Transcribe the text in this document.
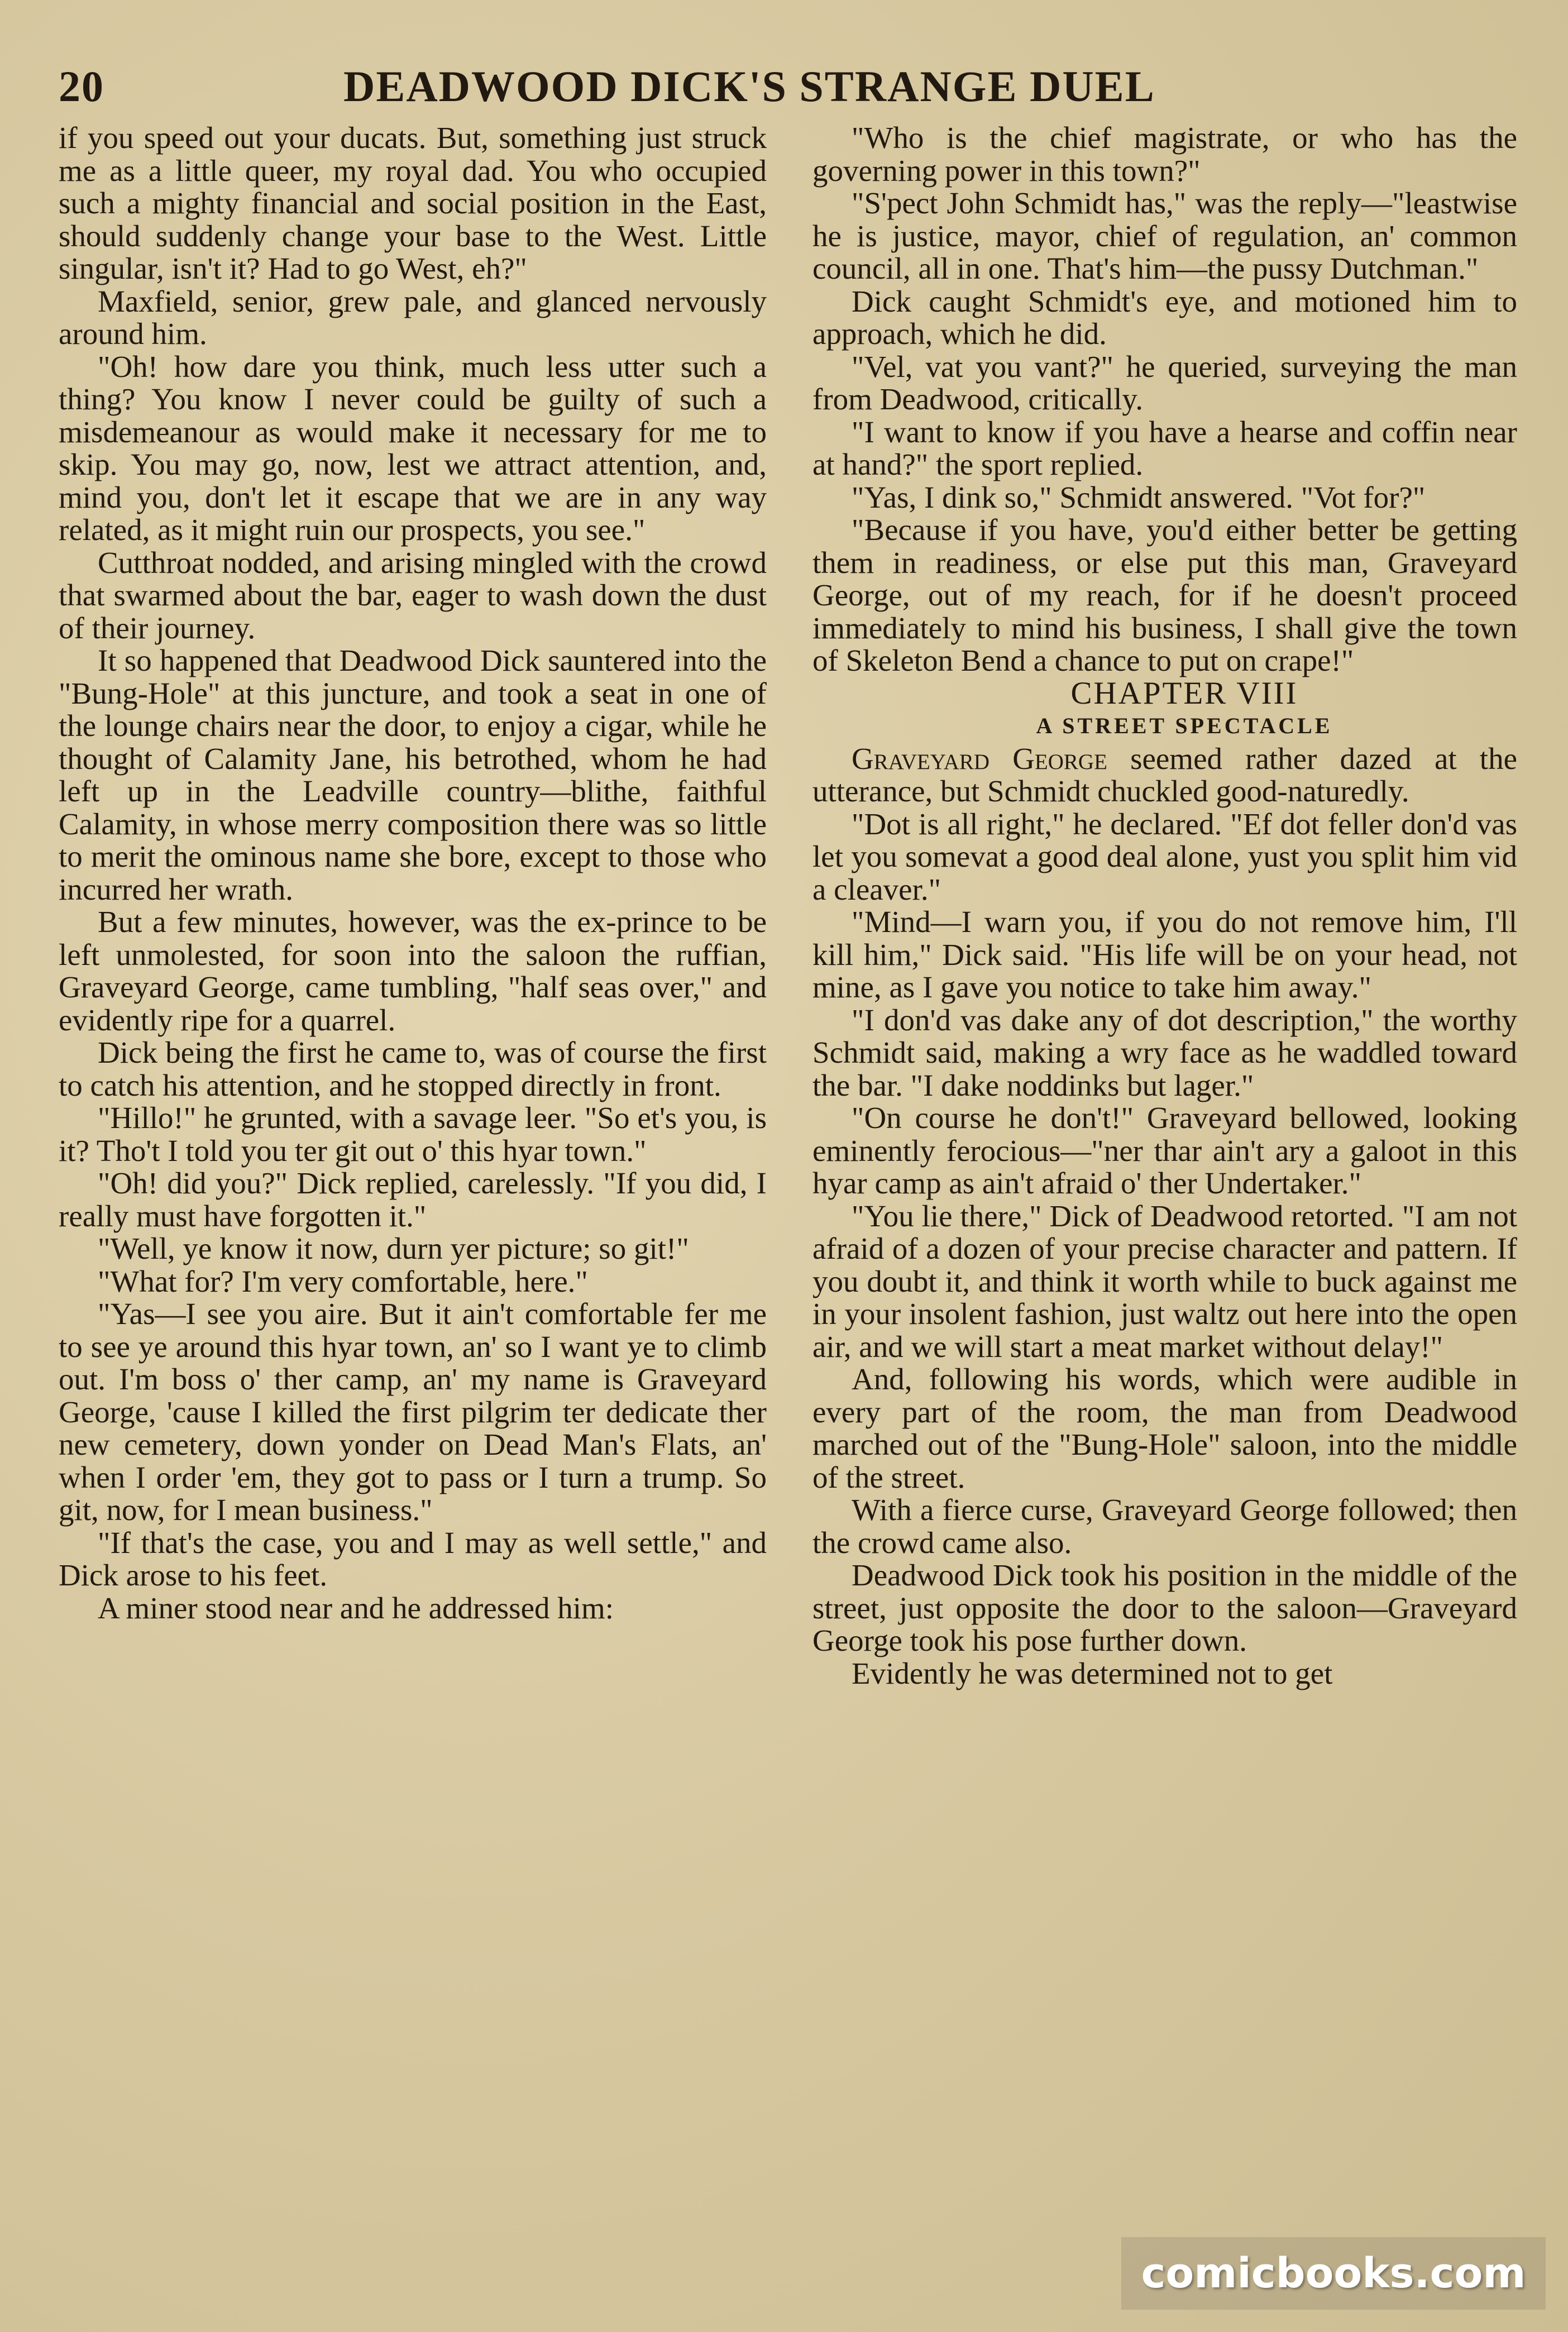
20	DEADWOOD DICK'S STRANGE DUEL

if you speed out your ducats. But, something just struck me as a little queer, my royal dad. You who occupied such a mighty financial and social position in the East, should suddenly change your base to the West. Little singular, isn't it? Had to go West, eh?"

Maxfield, senior, grew pale, and glanced nervously around him.

"Oh! how dare you think, much less utter such a thing? You know I never could be guilty of such a misdemeanour as would make it necessary for me to skip. You may go, now, lest we attract attention, and, mind you, don't let it escape that we are in any way related, as it might ruin our prospects, you see."

Cutthroat nodded, and arising mingled with the crowd that swarmed about the bar, eager to wash down the dust of their journey.

It so happened that Deadwood Dick sauntered into the "Bung-Hole" at this juncture, and took a seat in one of the lounge chairs near the door, to enjoy a cigar, while he thought of Calamity Jane, his betrothed, whom he had left up in the Leadville country—blithe, faithful Calamity, in whose merry composition there was so little to merit the ominous name she bore, except to those who incurred her wrath.

But a few minutes, however, was the ex-prince to be left unmolested, for soon into the saloon the ruffian, Graveyard George, came tumbling, "half seas over," and evidently ripe for a quarrel.

Dick being the first he came to, was of course the first to catch his attention, and he stopped directly in front.

"Hillo!" he grunted, with a savage leer. "So et's you, is it? Tho't I told you ter git out o' this hyar town."

"Oh! did you?" Dick replied, carelessly. "If you did, I really must have forgotten it."

"Well, ye know it now, durn yer picture; so git!"

"What for? I'm very comfortable, here."

"Yas—I see you aire. But it ain't comfortable fer me to see ye around this hyar town, an' so I want ye to climb out. I'm boss o' ther camp, an' my name is Graveyard George, 'cause I killed the first pilgrim ter dedicate ther new cemetery, down yonder on Dead Man's Flats, an' when I order 'em, they got to pass or I turn a trump. So git, now, for I mean business."

"If that's the case, you and I may as well settle," and Dick arose to his feet.

A miner stood near and he addressed him:

"Who is the chief magistrate, or who has the governing power in this town?"

"S'pect John Schmidt has," was the reply—"leastwise he is justice, mayor, chief of regulation, an' common council, all in one. That's him—the pussy Dutchman."

Dick caught Schmidt's eye, and motioned him to approach, which he did.

"Vel, vat you vant?" he queried, surveying the man from Deadwood, critically.

"I want to know if you have a hearse and coffin near at hand?" the sport replied.

"Yas, I dink so," Schmidt answered. "Vot for?"

"Because if you have, you'd either better be getting them in readiness, or else put this man, Graveyard George, out of my reach, for if he doesn't proceed immediately to mind his business, I shall give the town of Skeleton Bend a chance to put on crape!"

CHAPTER VIII

A STREET SPECTACLE

Graveyard George seemed rather dazed at the utterance, but Schmidt chuckled good-naturedly.

"Dot is all right," he declared. "Ef dot feller don'd vas let you somevat a good deal alone, yust you split him vid a cleaver."

"Mind—I warn you, if you do not remove him, I'll kill him," Dick said. "His life will be on your head, not mine, as I gave you notice to take him away."

"I don'd vas dake any of dot description," the worthy Schmidt said, making a wry face as he waddled toward the bar. "I dake noddinks but lager."

"On course he don't!" Graveyard bellowed, looking eminently ferocious—"ner thar ain't ary a galoot in this hyar camp as ain't afraid o' ther Undertaker."

"You lie there," Dick of Deadwood retorted. "I am not afraid of a dozen of your precise character and pattern. If you doubt it, and think it worth while to buck against me in your insolent fashion, just waltz out here into the open air, and we will start a meat market without delay!"

And, following his words, which were audible in every part of the room, the man from Deadwood marched out of the "Bung-Hole" saloon, into the middle of the street.

With a fierce curse, Graveyard George followed; then the crowd came also.

Deadwood Dick took his position in the middle of the street, just opposite the door to the saloon—Graveyard George took his pose further down.

Evidently he was determined not to get

comicbooks.com
